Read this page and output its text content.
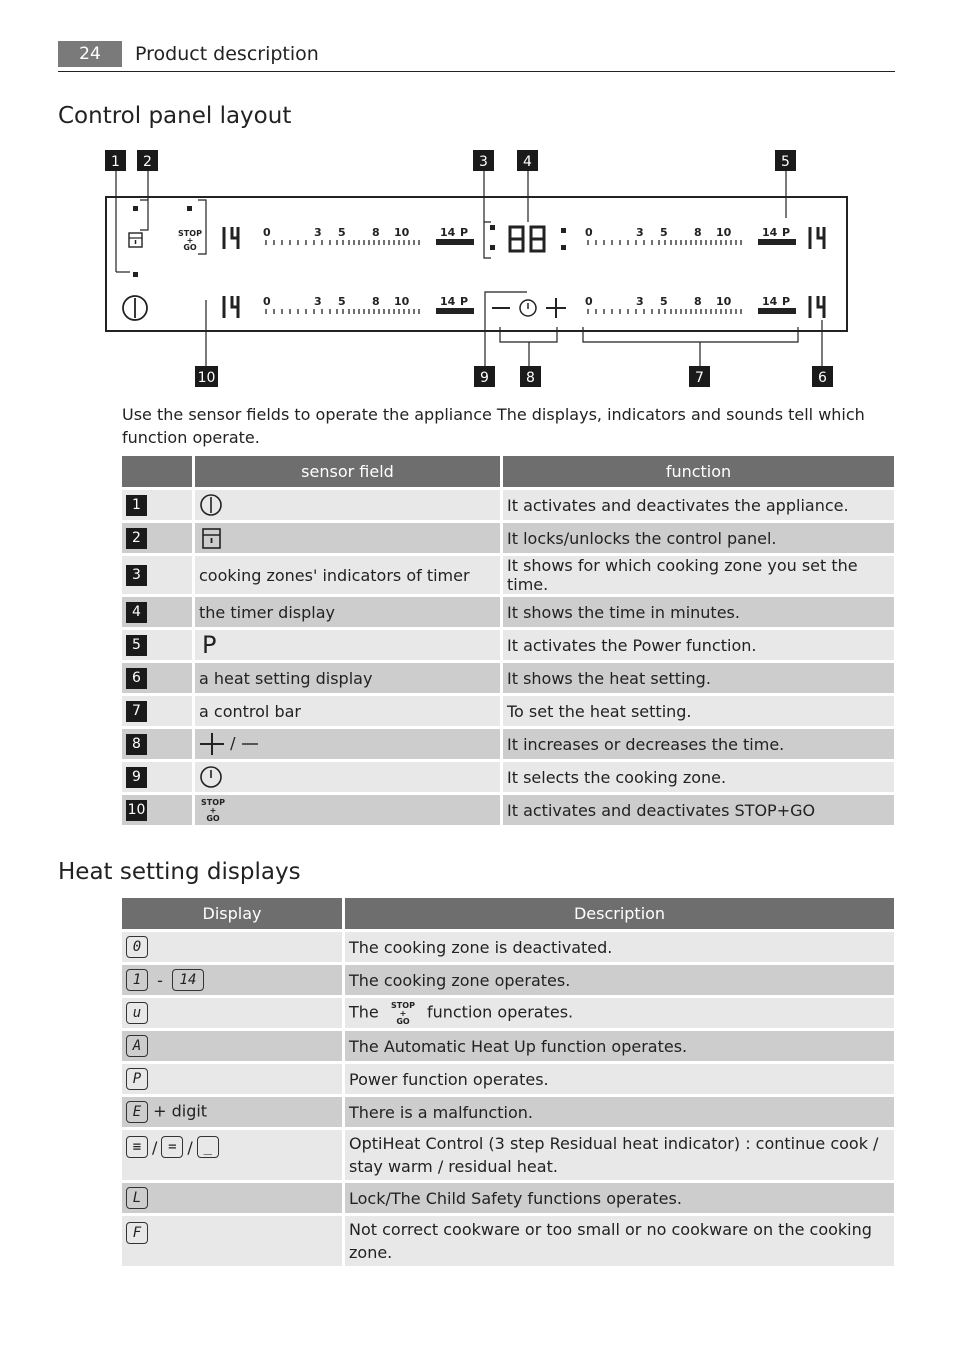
24	Product description
Control panel layout
1 2	3	4	5
10	9	8	7	6
STOP
+
GO
0	3 5 8 10	14 P
0	3 5 8 10	14 P
0	3 5 8 10	14 P
0	3 5 8 10	14 P
Use the sensor fields to operate the appliance The displays, indicators and sounds tell which function operate.
	sensor field	function
1		It activates and deactivates the appliance.
2		It locks/unlocks the control panel.
3	cooking zones' indicators of timer	It shows for which cooking zone you set the time.
4	the timer display	It shows the time in minutes.
5	P	It activates the Power function.
6	a heat setting display	It shows the heat setting.
7	a control bar	To set the heat setting.
8	/	It increases or decreases the time.
9		It selects the cooking zone.
10	STOP
+
GO	It activates and deactivates STOP+GO
Heat setting displays
Display	Description
0	The cooking zone is deactivated.
1 - 14	The cooking zone operates.
u	The STOP
+
GO function operates.
A	The Automatic Heat Up function operates.
P	Power function operates.
E + digit	There is a malfunction.
≡ / = / _	OptiHeat Control (3 step Residual heat indicator) : continue cook / stay warm / residual heat.
L	Lock/The Child Safety functions operates.
F	Not correct cookware or too small or no cookware on the cooking zone.
